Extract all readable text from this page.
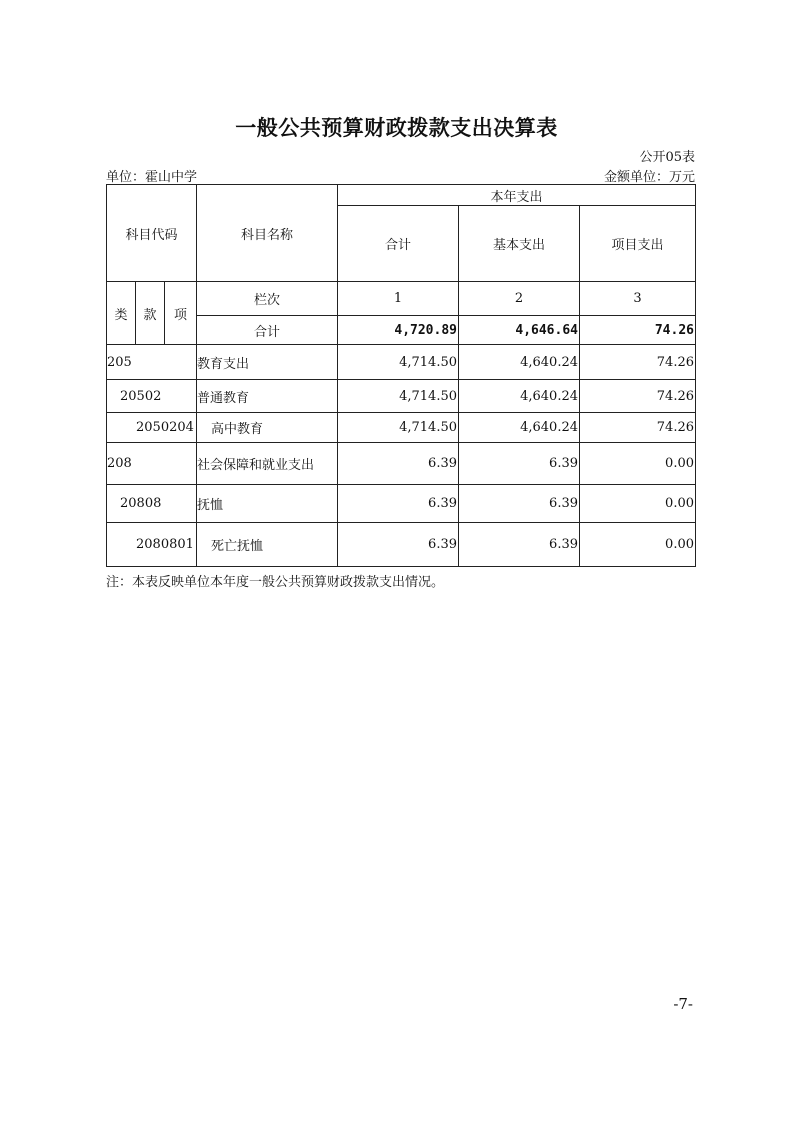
一般公共预算财政拨款支出决算表
公开05表
单位：霍山中学	金额单位：万元
科目代码			科目名称	本年支出		
				合计	基本支出	项目支出
类	款	项	栏次	1	2	3
			合计	4,720.89	4,646.64	74.26
205			教育支出	4,714.50	4,640.24	74.26
20502			普通教育	4,714.50	4,640.24	74.26
2050204			高中教育	4,714.50	4,640.24	74.26
208			社会保障和就业支出	6.39	6.39	0.00
20808			抚恤	6.39	6.39	0.00
2080801			死亡抚恤	6.39	6.39	0.00
注：本表反映单位本年度一般公共预算财政拨款支出情况。
-7-
